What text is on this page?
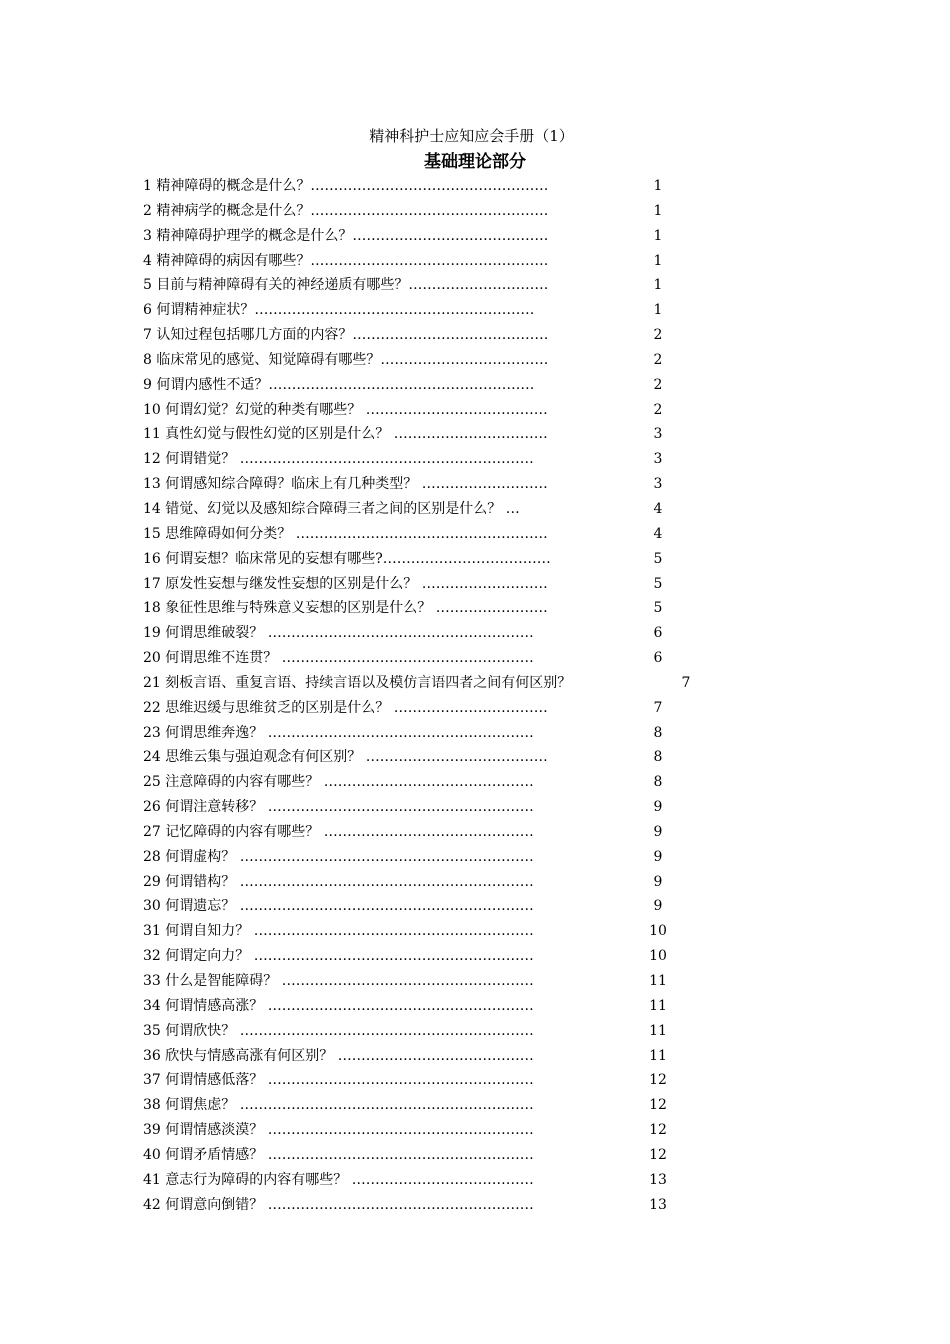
精神科护士应知应会手册（1）
基础理论部分
1 精神障碍的概念是什么？……………………………………………	1
2 精神病学的概念是什么？……………………………………………	1
3 精神障碍护理学的概念是什么？……………………………………	1
4 精神障碍的病因有哪些？……………………………………………	1
5 目前与精神障碍有关的神经递质有哪些？…………………………	1
6 何谓精神症状？……………………………………………………	1
7 认知过程包括哪几方面的内容？……………………………………	2
8 临床常见的感觉、知觉障碍有哪些？………………………………	2
9 何谓内感性不适？…………………………………………………	2
10 何谓幻觉？幻觉的种类有哪些？ …………………………………	2
11 真性幻觉与假性幻觉的区别是什么？ ……………………………	3
12 何谓错觉？ ………………………………………………………	3
13 何谓感知综合障碍？临床上有几种类型？ ………………………	3
14 错觉、幻觉以及感知综合障碍三者之间的区别是什么？ …	4
15 思维障碍如何分类？ ………………………………………………	4
16 何谓妄想？临床常见的妄想有哪些?………………………………	5
17 原发性妄想与继发性妄想的区别是什么？ ………………………	5
18 象征性思维与特殊意义妄想的区别是什么？ ……………………	5
19 何谓思维破裂？ …………………………………………………	6
20 何谓思维不连贯？ ………………………………………………	6
21 刻板言语、重复言语、持续言语以及模仿言语四者之间有何区别？	7
22 思维迟缓与思维贫乏的区别是什么？ ……………………………	7
23 何谓思维奔逸？ …………………………………………………	8
24 思维云集与强迫观念有何区别？ …………………………………	8
25 注意障碍的内容有哪些？ ………………………………………	8
26 何谓注意转移？ …………………………………………………	9
27 记忆障碍的内容有哪些？ ………………………………………	9
28 何谓虚构？ ………………………………………………………	9
29 何谓错构？ ………………………………………………………	9
30 何谓遗忘？ ………………………………………………………	9
31 何谓自知力？ ……………………………………………………	10
32 何谓定向力？ ……………………………………………………	10
33 什么是智能障碍？ ………………………………………………	11
34 何谓情感高涨？ …………………………………………………	11
35 何谓欣快？ ………………………………………………………	11
36 欣快与情感高涨有何区别？ ……………………………………	11
37 何谓情感低落？ …………………………………………………	12
38 何谓焦虑？ ………………………………………………………	12
39 何谓情感淡漠？ …………………………………………………	12
40 何谓矛盾情感？ …………………………………………………	12
41 意志行为障碍的内容有哪些？ …………………………………	13
42 何谓意向倒错？ …………………………………………………	13
